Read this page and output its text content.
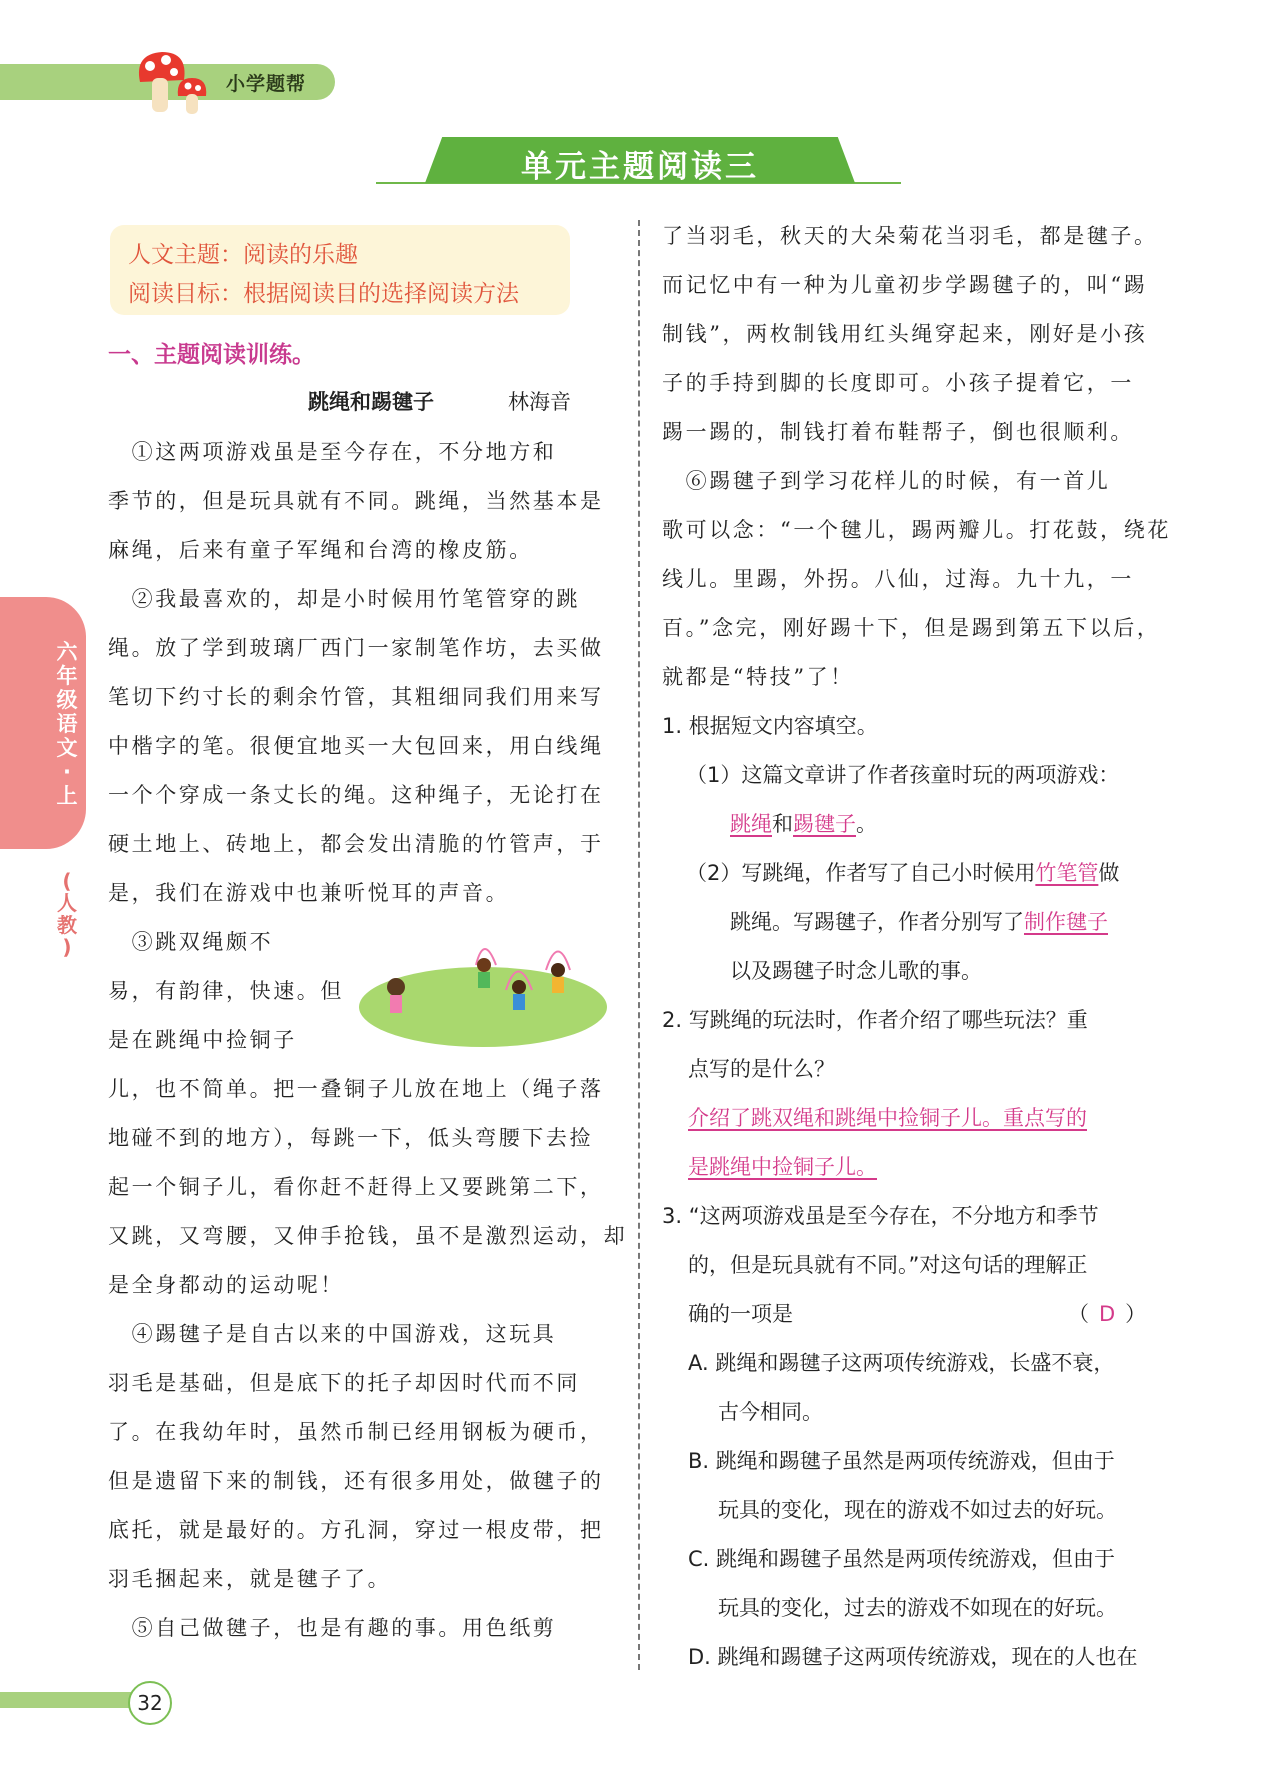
小学题帮
单元主题阅读三
六
年
级
语
文
·
上
(
人
教
)
人文主题：阅读的乐趣
阅读目标：根据阅读目的选择阅读方法
一、主题阅读训练。
跳绳和踢毽子	林海音
　①这两项游戏虽是至今存在，不分地方和
季节的，但是玩具就有不同。跳绳，当然基本是
麻绳，后来有童子军绳和台湾的橡皮筋。
　②我最喜欢的，却是小时候用竹笔管穿的跳
绳。放了学到玻璃厂西门一家制笔作坊，去买做
笔切下约寸长的剩余竹管，其粗细同我们用来写
中楷字的笔。很便宜地买一大包回来，用白线绳
一个个穿成一条丈长的绳。这种绳子，无论打在
硬土地上、砖地上，都会发出清脆的竹管声，于
是，我们在游戏中也兼听悦耳的声音。
　③跳双绳颇不
易，有韵律，快速。但
是在跳绳中捡铜子
儿，也不简单。把一叠铜子儿放在地上（绳子落
地碰不到的地方），每跳一下，低头弯腰下去捡
起一个铜子儿，看你赶不赶得上又要跳第二下，
又跳，又弯腰，又伸手抢钱，虽不是激烈运动，却
是全身都动的运动呢！
　④踢毽子是自古以来的中国游戏，这玩具
羽毛是基础，但是底下的托子却因时代而不同
了。在我幼年时，虽然币制已经用钢板为硬币，
但是遗留下来的制钱，还有很多用处，做毽子的
底托，就是最好的。方孔洞，穿过一根皮带，把
羽毛捆起来，就是毽子了。
　⑤自己做毽子，也是有趣的事。用色纸剪
了当羽毛，秋天的大朵菊花当羽毛，都是毽子。
而记忆中有一种为儿童初步学踢毽子的，叫“踢
制钱”，两枚制钱用红头绳穿起来，刚好是小孩
子的手持到脚的长度即可。小孩子提着它，一
踢一踢的，制钱打着布鞋帮子，倒也很顺利。
　⑥踢毽子到学习花样儿的时候，有一首儿
歌可以念：“一个毽儿，踢两瓣儿。打花鼓，绕花
线儿。里踢，外拐。八仙，过海。九十九，一
百。”念完，刚好踢十下，但是踢到第五下以后，
就都是“特技”了！
1. 根据短文内容填空。
（1）这篇文章讲了作者孩童时玩的两项游戏：
跳绳和踢毽子。
（2）写跳绳，作者写了自己小时候用竹笔管做
跳绳。写踢毽子，作者分别写了制作毽子
以及踢毽子时念儿歌的事。
2. 写跳绳的玩法时，作者介绍了哪些玩法？重
点写的是什么？
介绍了跳双绳和跳绳中捡铜子儿。重点写的
是跳绳中捡铜子儿。
3. “这两项游戏虽是至今存在，不分地方和季节
的，但是玩具就有不同。”对这句话的理解正
确的一项是	（ D ）
A. 跳绳和踢毽子这两项传统游戏，长盛不衰，
古今相同。
B. 跳绳和踢毽子虽然是两项传统游戏，但由于
玩具的变化，现在的游戏不如过去的好玩。
C. 跳绳和踢毽子虽然是两项传统游戏，但由于
玩具的变化，过去的游戏不如现在的好玩。
D. 跳绳和踢毽子这两项传统游戏，现在的人也在
32
